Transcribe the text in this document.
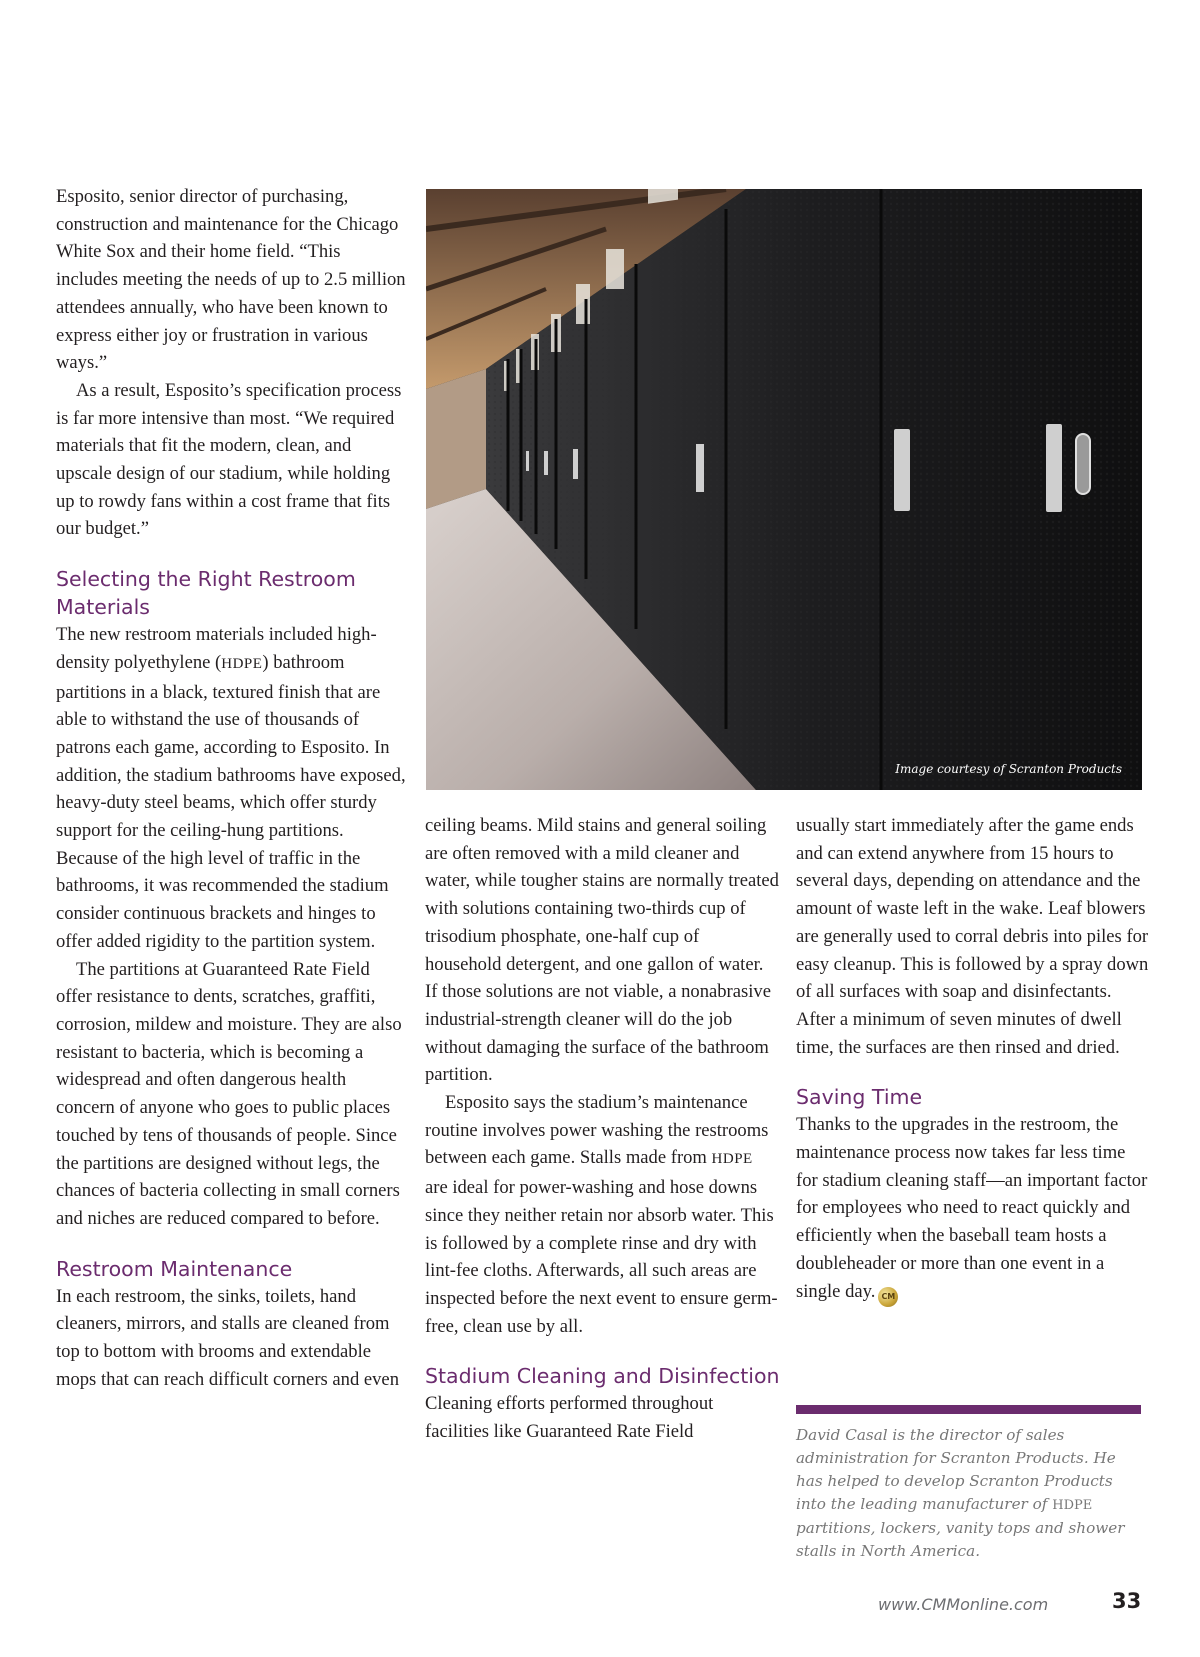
Esposito, senior director of purchasing, construction and maintenance for the Chicago White Sox and their home field. “This includes meeting the needs of up to 2.5 million attendees annually, who have been known to express either joy or frustration in various ways.”

As a result, Esposito’s specification process is far more intensive than most. “We required materials that fit the modern, clean, and upscale design of our stadium, while holding up to rowdy fans within a cost frame that fits our budget.”

Selecting the Right Restroom Materials

The new restroom materials included high-density polyethylene (HDPE) bathroom partitions in a black, textured finish that are able to withstand the use of thousands of patrons each game, according to Esposito. In addition, the stadium bathrooms have exposed, heavy-duty steel beams, which offer sturdy support for the ceiling-hung partitions. Because of the high level of traffic in the bathrooms, it was recommended the stadium consider continuous brackets and hinges to offer added rigidity to the partition system.

The partitions at Guaranteed Rate Field offer resistance to dents, scratches, graffiti, corrosion, mildew and moisture. They are also resistant to bacteria, which is becoming a widespread and often dangerous health concern of anyone who goes to public places touched by tens of thousands of people. Since the partitions are designed without legs, the chances of bacteria collecting in small corners and niches are reduced compared to before.

Restroom Maintenance

In each restroom, the sinks, toilets, hand cleaners, mirrors, and stalls are cleaned from top to bottom with brooms and extendable mops that can reach difficult corners and even

Image courtesy of Scranton Products

ceiling beams. Mild stains and general soiling are often removed with a mild cleaner and water, while tougher stains are normally treated with solutions containing two-thirds cup of trisodium phosphate, one-half cup of household detergent, and one gallon of water. If those solutions are not viable, a nonabrasive industrial-strength cleaner will do the job without damaging the surface of the bathroom partition.

Esposito says the stadium’s maintenance routine involves power washing the restrooms between each game. Stalls made from HDPE are ideal for power-washing and hose downs since they neither retain nor absorb water. This is followed by a complete rinse and dry with lint-fee cloths. Afterwards, all such areas are inspected before the next event to ensure germ-free, clean use by all.

Stadium Cleaning and Disinfection

Cleaning efforts performed throughout facilities like Guaranteed Rate Field

usually start immediately after the game ends and can extend anywhere from 15 hours to several days, depending on attendance and the amount of waste left in the wake. Leaf blowers are generally used to corral debris into piles for easy cleanup. This is followed by a spray down of all surfaces with soap and disinfectants. After a minimum of seven minutes of dwell time, the surfaces are then rinsed and dried.

Saving Time

Thanks to the upgrades in the restroom, the maintenance process now takes far less time for stadium cleaning staff—an important factor for employees who need to react quickly and efficiently when the baseball team hosts a doubleheader or more than one event in a single day. CM

David Casal is the director of sales administration for Scranton Products. He has helped to develop Scranton Products into the leading manufacturer of HDPE partitions, lockers, vanity tops and shower stalls in North America.
www.CMMonline.com	33
